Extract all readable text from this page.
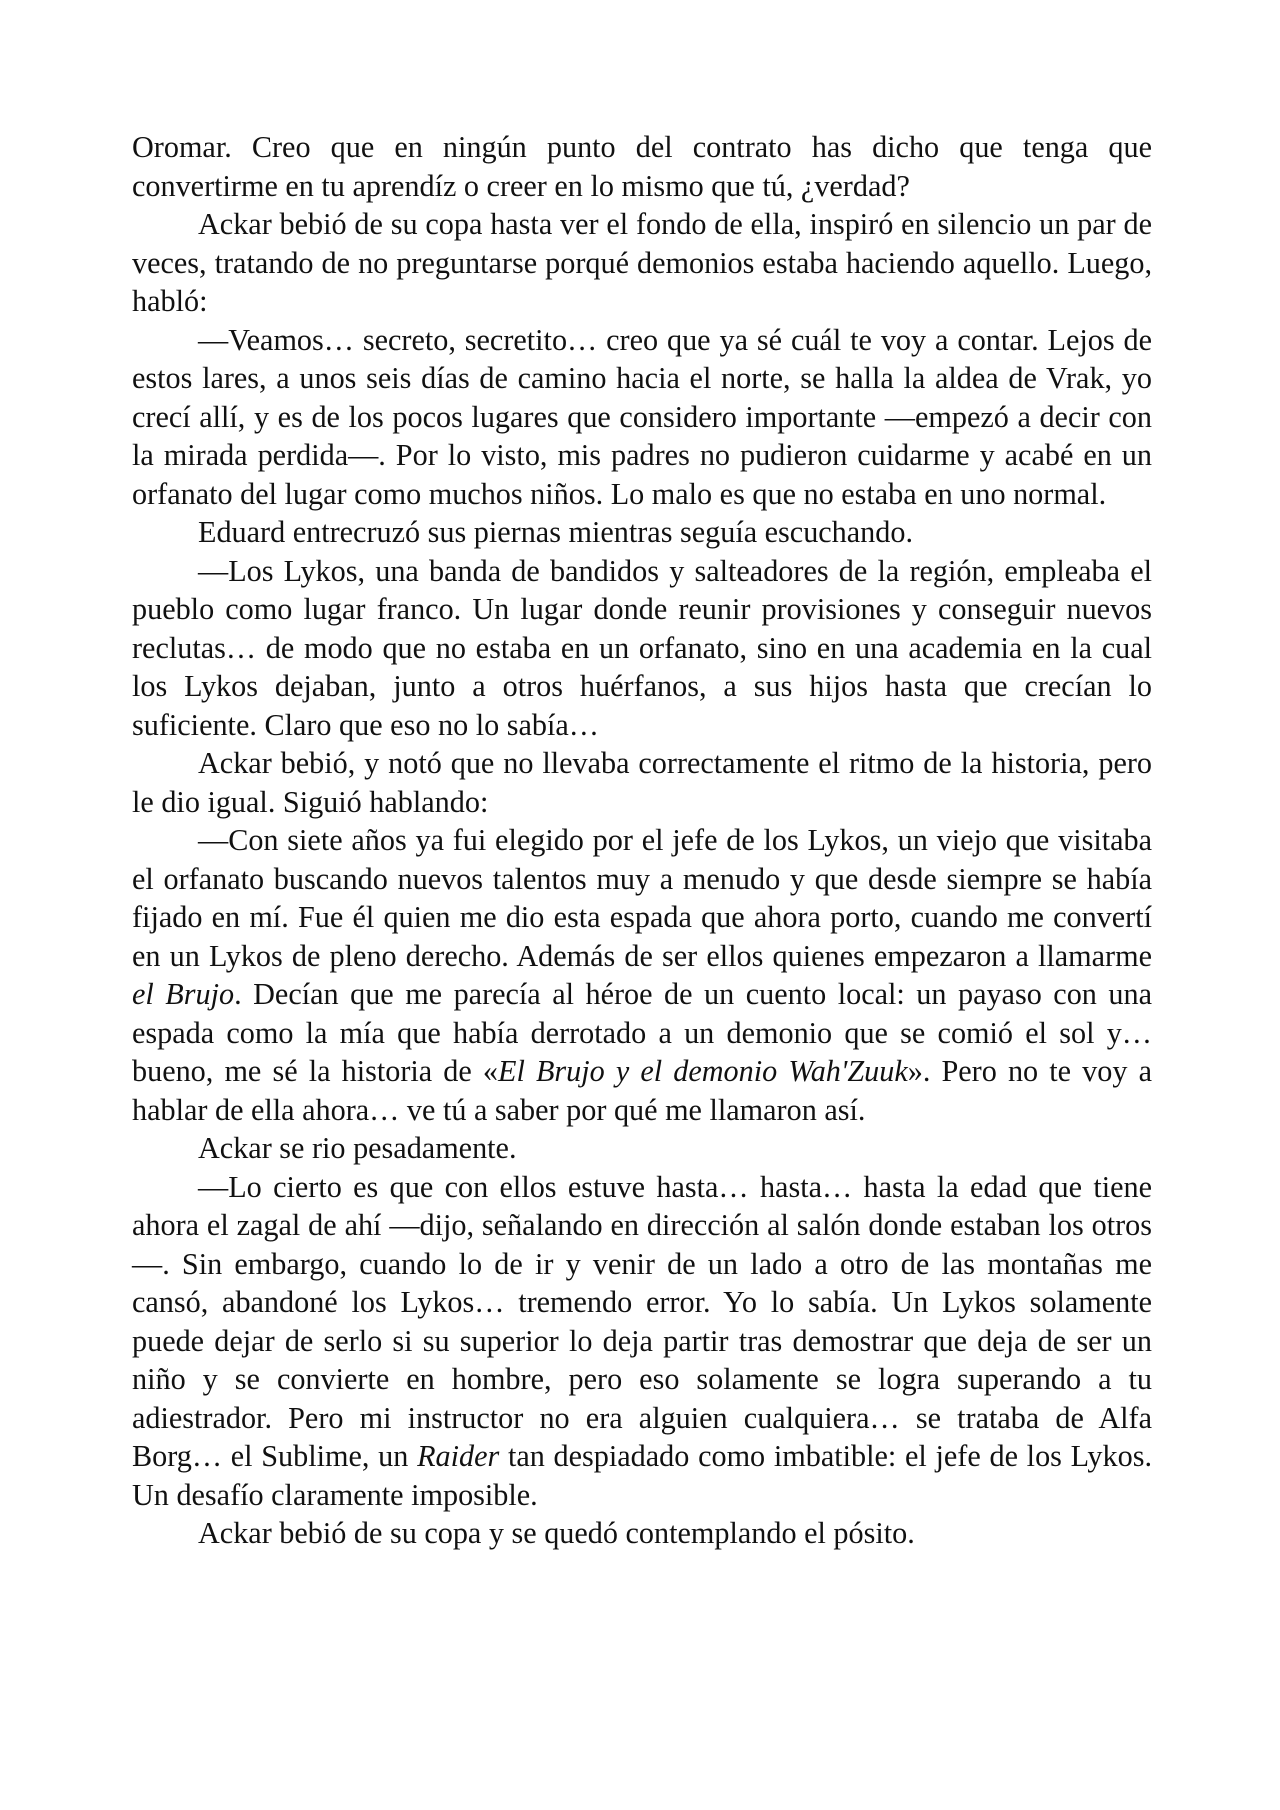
Oromar. Creo que en ningún punto del contrato has dicho que tenga que convertirme en tu aprendíz o creer en lo mismo que tú, ¿verdad?

Ackar bebió de su copa hasta ver el fondo de ella, inspiró en silencio un par de veces, tratando de no preguntarse porqué demonios estaba haciendo aquello. Luego, habló:

—Veamos… secreto, secretito… creo que ya sé cuál te voy a contar. Lejos de estos lares, a unos seis días de camino hacia el norte, se halla la aldea de Vrak, yo crecí allí, y es de los pocos lugares que considero importante —empezó a decir con la mirada perdida—. Por lo visto, mis padres no pudieron cuidarme y acabé en un orfanato del lugar como muchos niños. Lo malo es que no estaba en uno normal.

Eduard entrecruzó sus piernas mientras seguía escuchando.

—Los Lykos, una banda de bandidos y salteadores de la región, empleaba el pueblo como lugar franco. Un lugar donde reunir provisiones y conseguir nuevos reclutas… de modo que no estaba en un orfanato, sino en una academia en la cual los Lykos dejaban, junto a otros huérfanos, a sus hijos hasta que crecían lo suficiente. Claro que eso no lo sabía…

Ackar bebió, y notó que no llevaba correctamente el ritmo de la historia, pero le dio igual. Siguió hablando:

—Con siete años ya fui elegido por el jefe de los Lykos, un viejo que visitaba el orfanato buscando nuevos talentos muy a menudo y que desde siempre se había fijado en mí. Fue él quien me dio esta espada que ahora porto, cuando me convertí en un Lykos de pleno derecho. Además de ser ellos quienes empezaron a llamarme el Brujo. Decían que me parecía al héroe de un cuento local: un payaso con una espada como la mía que había derrotado a un demonio que se comió el sol y… bueno, me sé la historia de «El Brujo y el demonio Wah'Zuuk». Pero no te voy a hablar de ella ahora… ve tú a saber por qué me llamaron así.

Ackar se rio pesadamente.

—Lo cierto es que con ellos estuve hasta… hasta… hasta la edad que tiene ahora el zagal de ahí —dijo, señalando en dirección al salón donde estaban los otros—. Sin embargo, cuando lo de ir y venir de un lado a otro de las montañas me cansó, abandoné los Lykos… tremendo error. Yo lo sabía. Un Lykos solamente puede dejar de serlo si su superior lo deja partir tras demostrar que deja de ser un niño y se convierte en hombre, pero eso solamente se logra superando a tu adiestrador. Pero mi instructor no era alguien cualquiera… se trataba de Alfa Borg… el Sublime, un Raider tan despiadado como imbatible: el jefe de los Lykos. Un desafío claramente imposible.

Ackar bebió de su copa y se quedó contemplando el pósito.
